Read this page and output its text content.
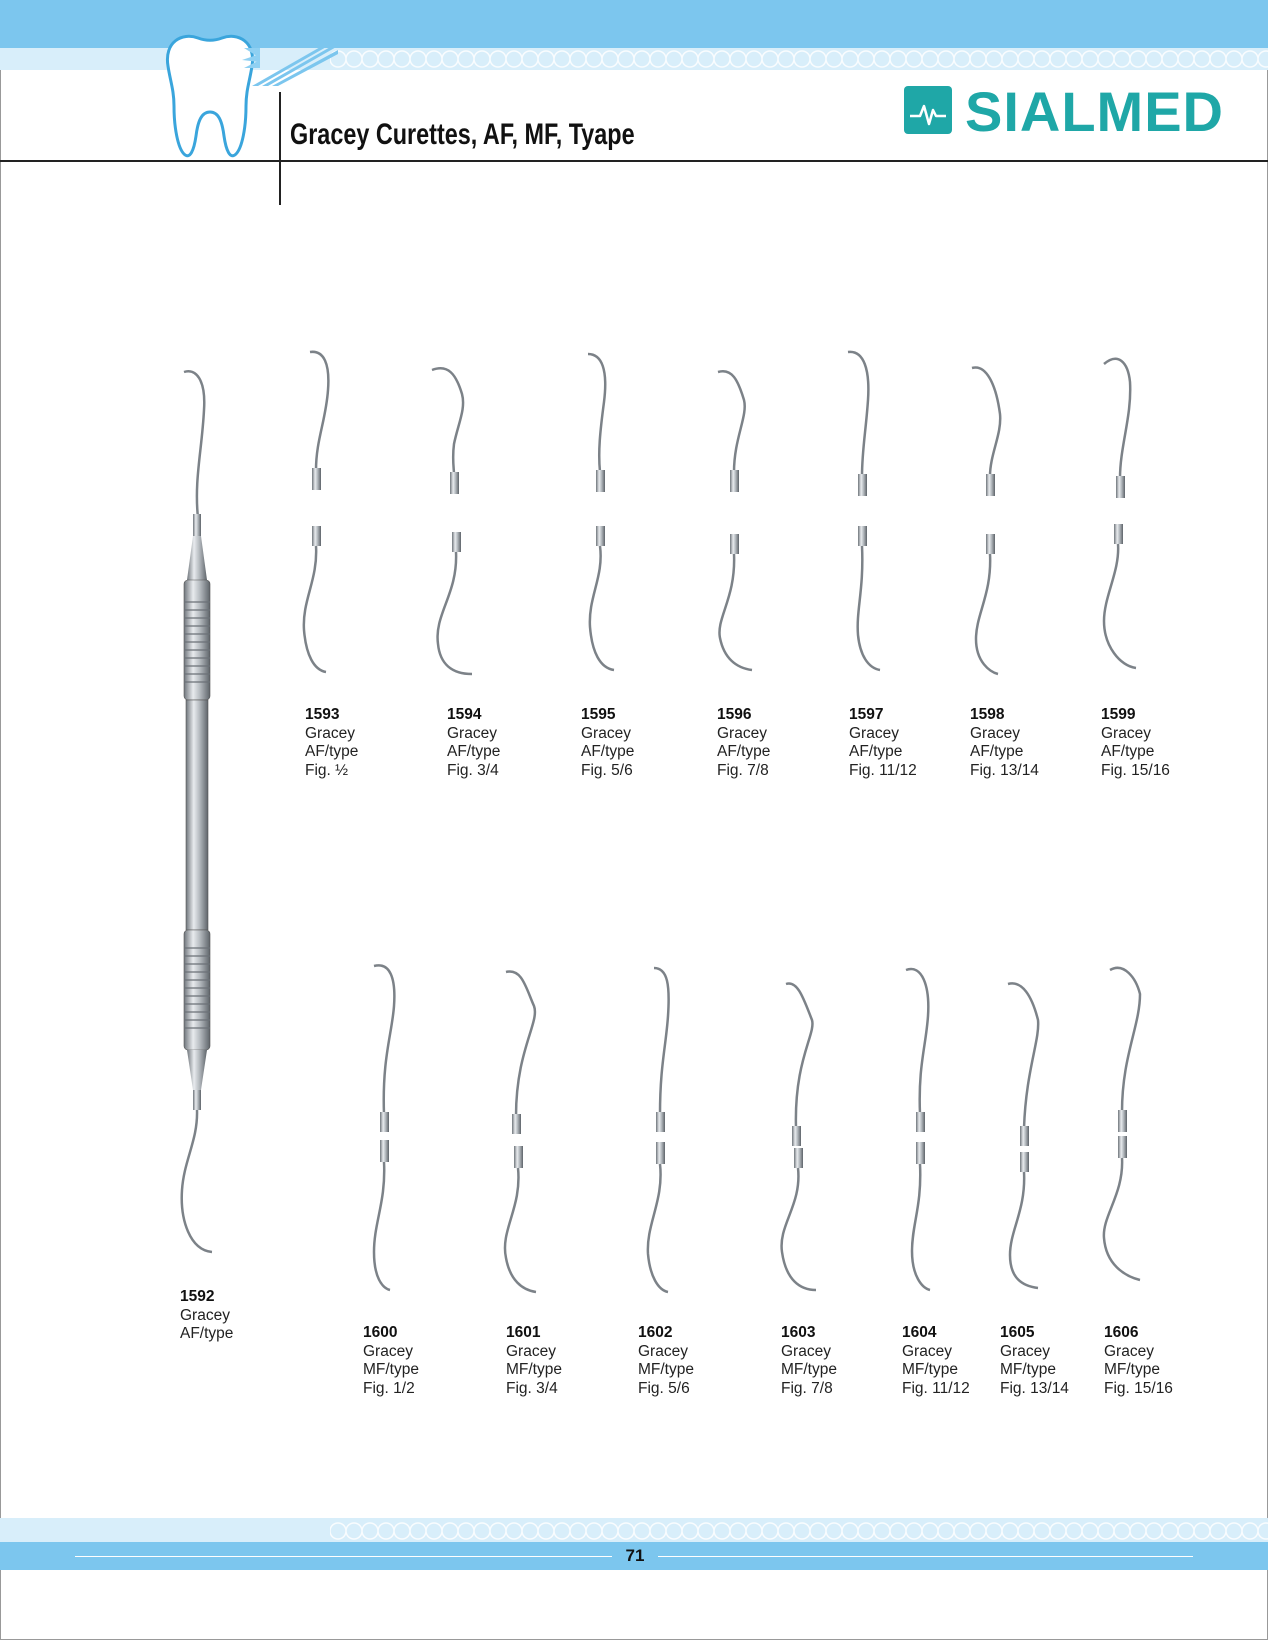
Gracey Curettes, AF, MF, Tyape	SIALMED
1592
Gracey
AF/type
1593
Gracey
AF/type
Fig. ½
1594
Gracey
AF/type
Fig. 3/4
1595
Gracey
AF/type
Fig. 5/6
1596
Gracey
AF/type
Fig. 7/8
1597
Gracey
AF/type
Fig. 11/12
1598
Gracey
AF/type
Fig. 13/14
1599
Gracey
AF/type
Fig. 15/16
1600
Gracey
MF/type
Fig. 1/2
1601
Gracey
MF/type
Fig. 3/4
1602
Gracey
MF/type
Fig. 5/6
1603
Gracey
MF/type
Fig. 7/8
1604
Gracey
MF/type
Fig. 11/12
1605
Gracey
MF/type
Fig. 13/14
1606
Gracey
MF/type
Fig. 15/16
71
